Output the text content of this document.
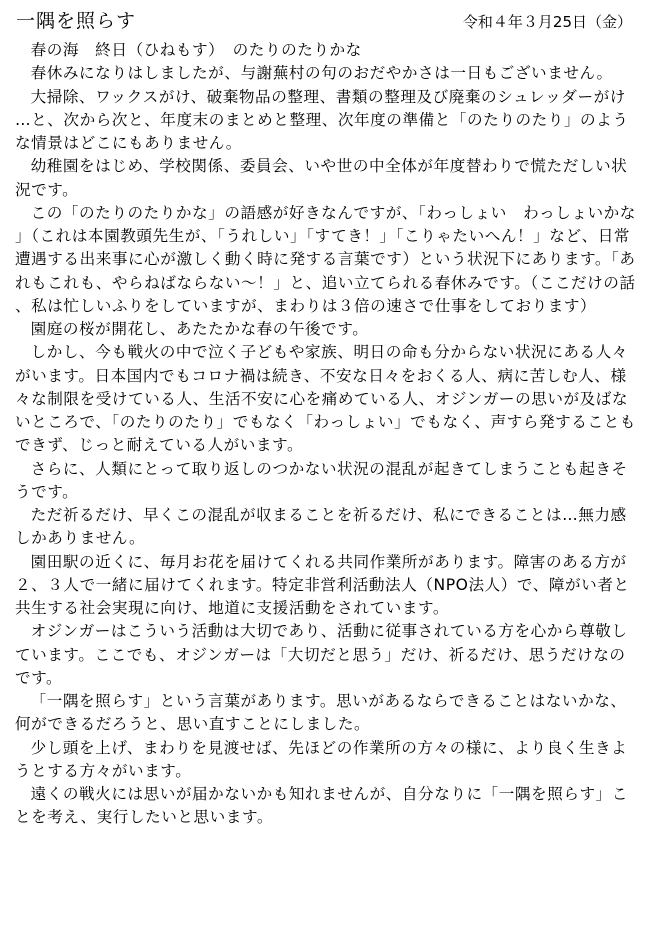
一隅を照らす	令和４年３月25日（金）

春の海　終日（ひねもす）　のたりのたりかな

春休みになりはしましたが、与謝蕪村の句のおだやかさは一日もございません。

大掃除、ワックスがけ、破棄物品の整理、書類の整理及び廃棄のシュレッダーがけ…と、次から次と、年度末のまとめと整理、次年度の準備と「のたりのたり」のような情景はどこにもありません。

幼稚園をはじめ、学校関係、委員会、いや世の中全体が年度替わりで慌ただしい状況です。

この「のたりのたりかな」の語感が好きなんですが、「わっしょい　わっしょいかな」（これは本園教頭先生が、「うれしい」「すてき！」「こりゃたいへん！」など、日常遭遇する出来事に心が激しく動く時に発する言葉です）という状況下にあります。「あれもこれも、やらねばならない～！」と、追い立てられる春休みです。（ここだけの話、私は忙しいふりをしていますが、まわりは３倍の速さで仕事をしております）

園庭の桜が開花し、あたたかな春の午後です。

しかし、今も戦火の中で泣く子どもや家族、明日の命も分からない状況にある人々がいます。日本国内でもコロナ禍は続き、不安な日々をおくる人、病に苦しむ人、様々な制限を受けている人、生活不安に心を痛めている人、オジンガーの思いが及ばないところで、「のたりのたり」でもなく「わっしょい」でもなく、声すら発することもできず、じっと耐えている人がいます。

さらに、人類にとって取り返しのつかない状況の混乱が起きてしまうことも起きそうです。

ただ祈るだけ、早くこの混乱が収まることを祈るだけ、私にできることは…無力感しかありません。

園田駅の近くに、毎月お花を届けてくれる共同作業所があります。障害のある方が２、３人で一緒に届けてくれます。特定非営利活動法人（NPO法人）で、障がい者と共生する社会実現に向け、地道に支援活動をされています。

オジンガーはこういう活動は大切であり、活動に従事されている方を心から尊敬しています。ここでも、オジンガーは「大切だと思う」だけ、祈るだけ、思うだけなのです。

「一隅を照らす」という言葉があります。思いがあるならできることはないかな、何ができるだろうと、思い直すことにしました。

少し頭を上げ、まわりを見渡せば、先ほどの作業所の方々の様に、より良く生きようとする方々がいます。

遠くの戦火には思いが届かないかも知れませんが、自分なりに「一隅を照らす」ことを考え、実行したいと思います。
